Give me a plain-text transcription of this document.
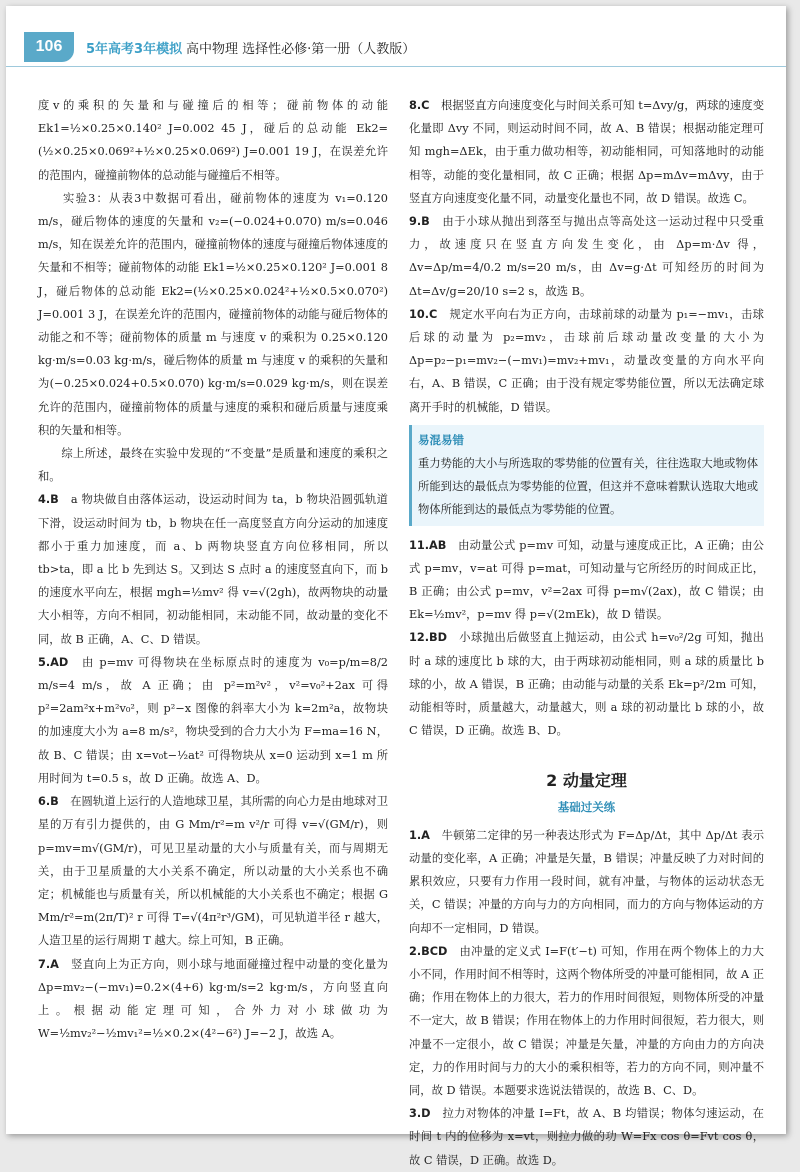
106	5年高考3年模拟 高中物理 选择性必修·第一册（人教版）

度v的乘积的矢量和与碰撞后的相等；碰前物体的动能 Ek1=½×0.25×0.140² J=0.002 45 J，碰后的总动能 Ek2=(½×0.25×0.069²+½×0.25×0.069²) J=0.001 19 J，在误差允许的范围内，碰撞前物体的总动能与碰撞后不相等。

　　实验3：从表3中数据可看出，碰前物体的速度为 v₁=0.120 m/s，碰后物体的速度的矢量和 v₂=(−0.024+0.070) m/s=0.046 m/s，知在误差允许的范围内，碰撞前物体的速度与碰撞后物体速度的矢量和不相等；碰前物体的动能 Ek1=½×0.25×0.120² J=0.001 8 J，碰后物体的总动能 Ek2=(½×0.25×0.024²+½×0.5×0.070²) J=0.001 3 J，在误差允许的范围内，碰撞前物体的动能与碰后物体的动能之和不等；碰前物体的质量 m 与速度 v 的乘积为 0.25×0.120 kg·m/s=0.03 kg·m/s，碰后物体的质量 m 与速度 v 的乘积的矢量和为(−0.25×0.024+0.5×0.070) kg·m/s=0.029 kg·m/s，则在误差允许的范围内，碰撞前物体的质量与速度的乘积和碰后质量与速度乘积的矢量和相等。

　　综上所述，最终在实验中发现的“不变量”是质量和速度的乘积之和。

4.B　 a 物块做自由落体运动，设运动时间为 ta，b 物块沿圆弧轨道下滑，设运动时间为 tb，b 物块在任一高度竖直方向分运动的加速度都小于重力加速度，而 a、b 两物块竖直方向位移相同，所以 tb>ta，即 a 比 b 先到达 S。又到达 S 点时 a 的速度竖直向下，而 b 的速度水平向左，根据 mgh=½mv² 得 v=√(2gh)，故两物块的动量大小相等，方向不相同，初动能相同，末动能不同，故动量的变化不同，故 B 正确，A、C、D 错误。

5.AD　 由 p=mv 可得物块在坐标原点时的速度为 v₀=p/m=8/2 m/s=4 m/s，故 A 正确；由 p²=m²v²，v²=v₀²+2ax 可得 p²=2am²x+m²v₀²，则 p²−x 图像的斜率大小为 k=2m²a，故物块的加速度大小为 a=8 m/s²，物块受到的合力大小为 F=ma=16 N，故 B、C 错误；由 x=v₀t−½at² 可得物块从 x=0 运动到 x=1 m 所用时间为 t=0.5 s，故 D 正确。故选 A、D。

6.B　 在圆轨道上运行的人造地球卫星，其所需的向心力是由地球对卫星的万有引力提供的，由 G Mm/r²=m v²/r 可得 v=√(GM/r)，则 p=mv=m√(GM/r)，可见卫星动量的大小与质量有关，而与周期无关，由于卫星质量的大小关系不确定，所以动量的大小关系也不确定；机械能也与质量有关，所以机械能的大小关系也不确定；根据 G Mm/r²=m(2π/T)² r 可得 T=√(4π²r³/GM)，可见轨道半径 r 越大，人造卫星的运行周期 T 越大。综上可知，B 正确。

7.A　 竖直向上为正方向，则小球与地面碰撞过程中动量的变化量为 Δp=mv₂−(−mv₁)=0.2×(4+6) kg·m/s=2 kg·m/s，方向竖直向上。根据动能定理可知，合外力对小球做功为 W=½mv₂²−½mv₁²=½×0.2×(4²−6²) J=−2 J，故选 A。

8.C　 根据竖直方向速度变化与时间关系可知 t=Δvy/g，两球的速度变化量即 Δvy 不同，则运动时间不同，故 A、B 错误；根据动能定理可知 mgh=ΔEk，由于重力做功相等，初动能相同，可知落地时的动能相等，动能的变化量相同，故 C 正确；根据 Δp=mΔv=mΔvy，由于竖直方向速度变化量不同，动量变化量也不同，故 D 错误。故选 C。

9.B　 由于小球从抛出到落至与抛出点等高处这一运动过程中只受重力，故速度只在竖直方向发生变化，由 Δp=m·Δv 得，Δv=Δp/m=4/0.2 m/s=20 m/s，由 Δv=g·Δt 可知经历的时间为 Δt=Δv/g=20/10 s=2 s，故选 B。

10.C　 规定水平向右为正方向，击球前球的动量为 p₁=−mv₁，击球后球的动量为 p₂=mv₂，击球前后球动量改变量的大小为 Δp=p₂−p₁=mv₂−(−mv₁)=mv₂+mv₁，动量改变量的方向水平向右，A、B 错误，C 正确；由于没有规定零势能位置，所以无法确定球离开手时的机械能，D 错误。

易混易错

重力势能的大小与所选取的零势能的位置有关，往往选取大地或物体所能到达的最低点为零势能的位置，但这并不意味着默认选取大地或物体所能到达的最低点为零势能的位置。

11.AB　 由动量公式 p=mv 可知，动量与速度成正比，A 正确；由公式 p=mv，v=at 可得 p=mat，可知动量与它所经历的时间成正比，B 正确；由公式 p=mv，v²=2ax 可得 p=m√(2ax)，故 C 错误；由 Ek=½mv²，p=mv 得 p=√(2mEk)，故 D 错误。

12.BD　 小球抛出后做竖直上抛运动，由公式 h=v₀²/2g 可知，抛出时 a 球的速度比 b 球的大，由于两球初动能相同，则 a 球的质量比 b 球的小，故 A 错误，B 正确；由动能与动量的关系 Ek=p²/2m 可知，动能相等时，质量越大，动量越大，则 a 球的初动量比 b 球的小，故 C 错误，D 正确。故选 B、D。

2 动量定理
基础过关练

1.A　 牛顿第二定律的另一种表达形式为 F=Δp/Δt，其中 Δp/Δt 表示动量的变化率，A 正确；冲量是矢量，B 错误；冲量反映了力对时间的累积效应，只要有力作用一段时间，就有冲量，与物体的运动状态无关，C 错误；冲量的方向与力的方向相同，而力的方向与物体运动的方向却不一定相同，D 错误。

2.BCD　 由冲量的定义式 I=F(t′−t) 可知，作用在两个物体上的力大小不同，作用时间不相等时，这两个物体所受的冲量可能相同，故 A 正确；作用在物体上的力很大，若力的作用时间很短，则物体所受的冲量不一定大，故 B 错误；作用在物体上的力作用时间很短，若力很大，则冲量不一定很小，故 C 错误；冲量是矢量，冲量的方向由力的方向决定，力的作用时间与力的大小的乘积相等，若力的方向不同，则冲量不同，故 D 错误。本题要求选说法错误的，故选 B、C、D。

3.D　 拉力对物体的冲量 I=Ft，故 A、B 均错误；物体匀速运动，在时间 t 内的位移为 x=vt，则拉力做的功 W=Fx cos θ=Fvt cos θ，故 C 错误，D 正确。故选 D。
